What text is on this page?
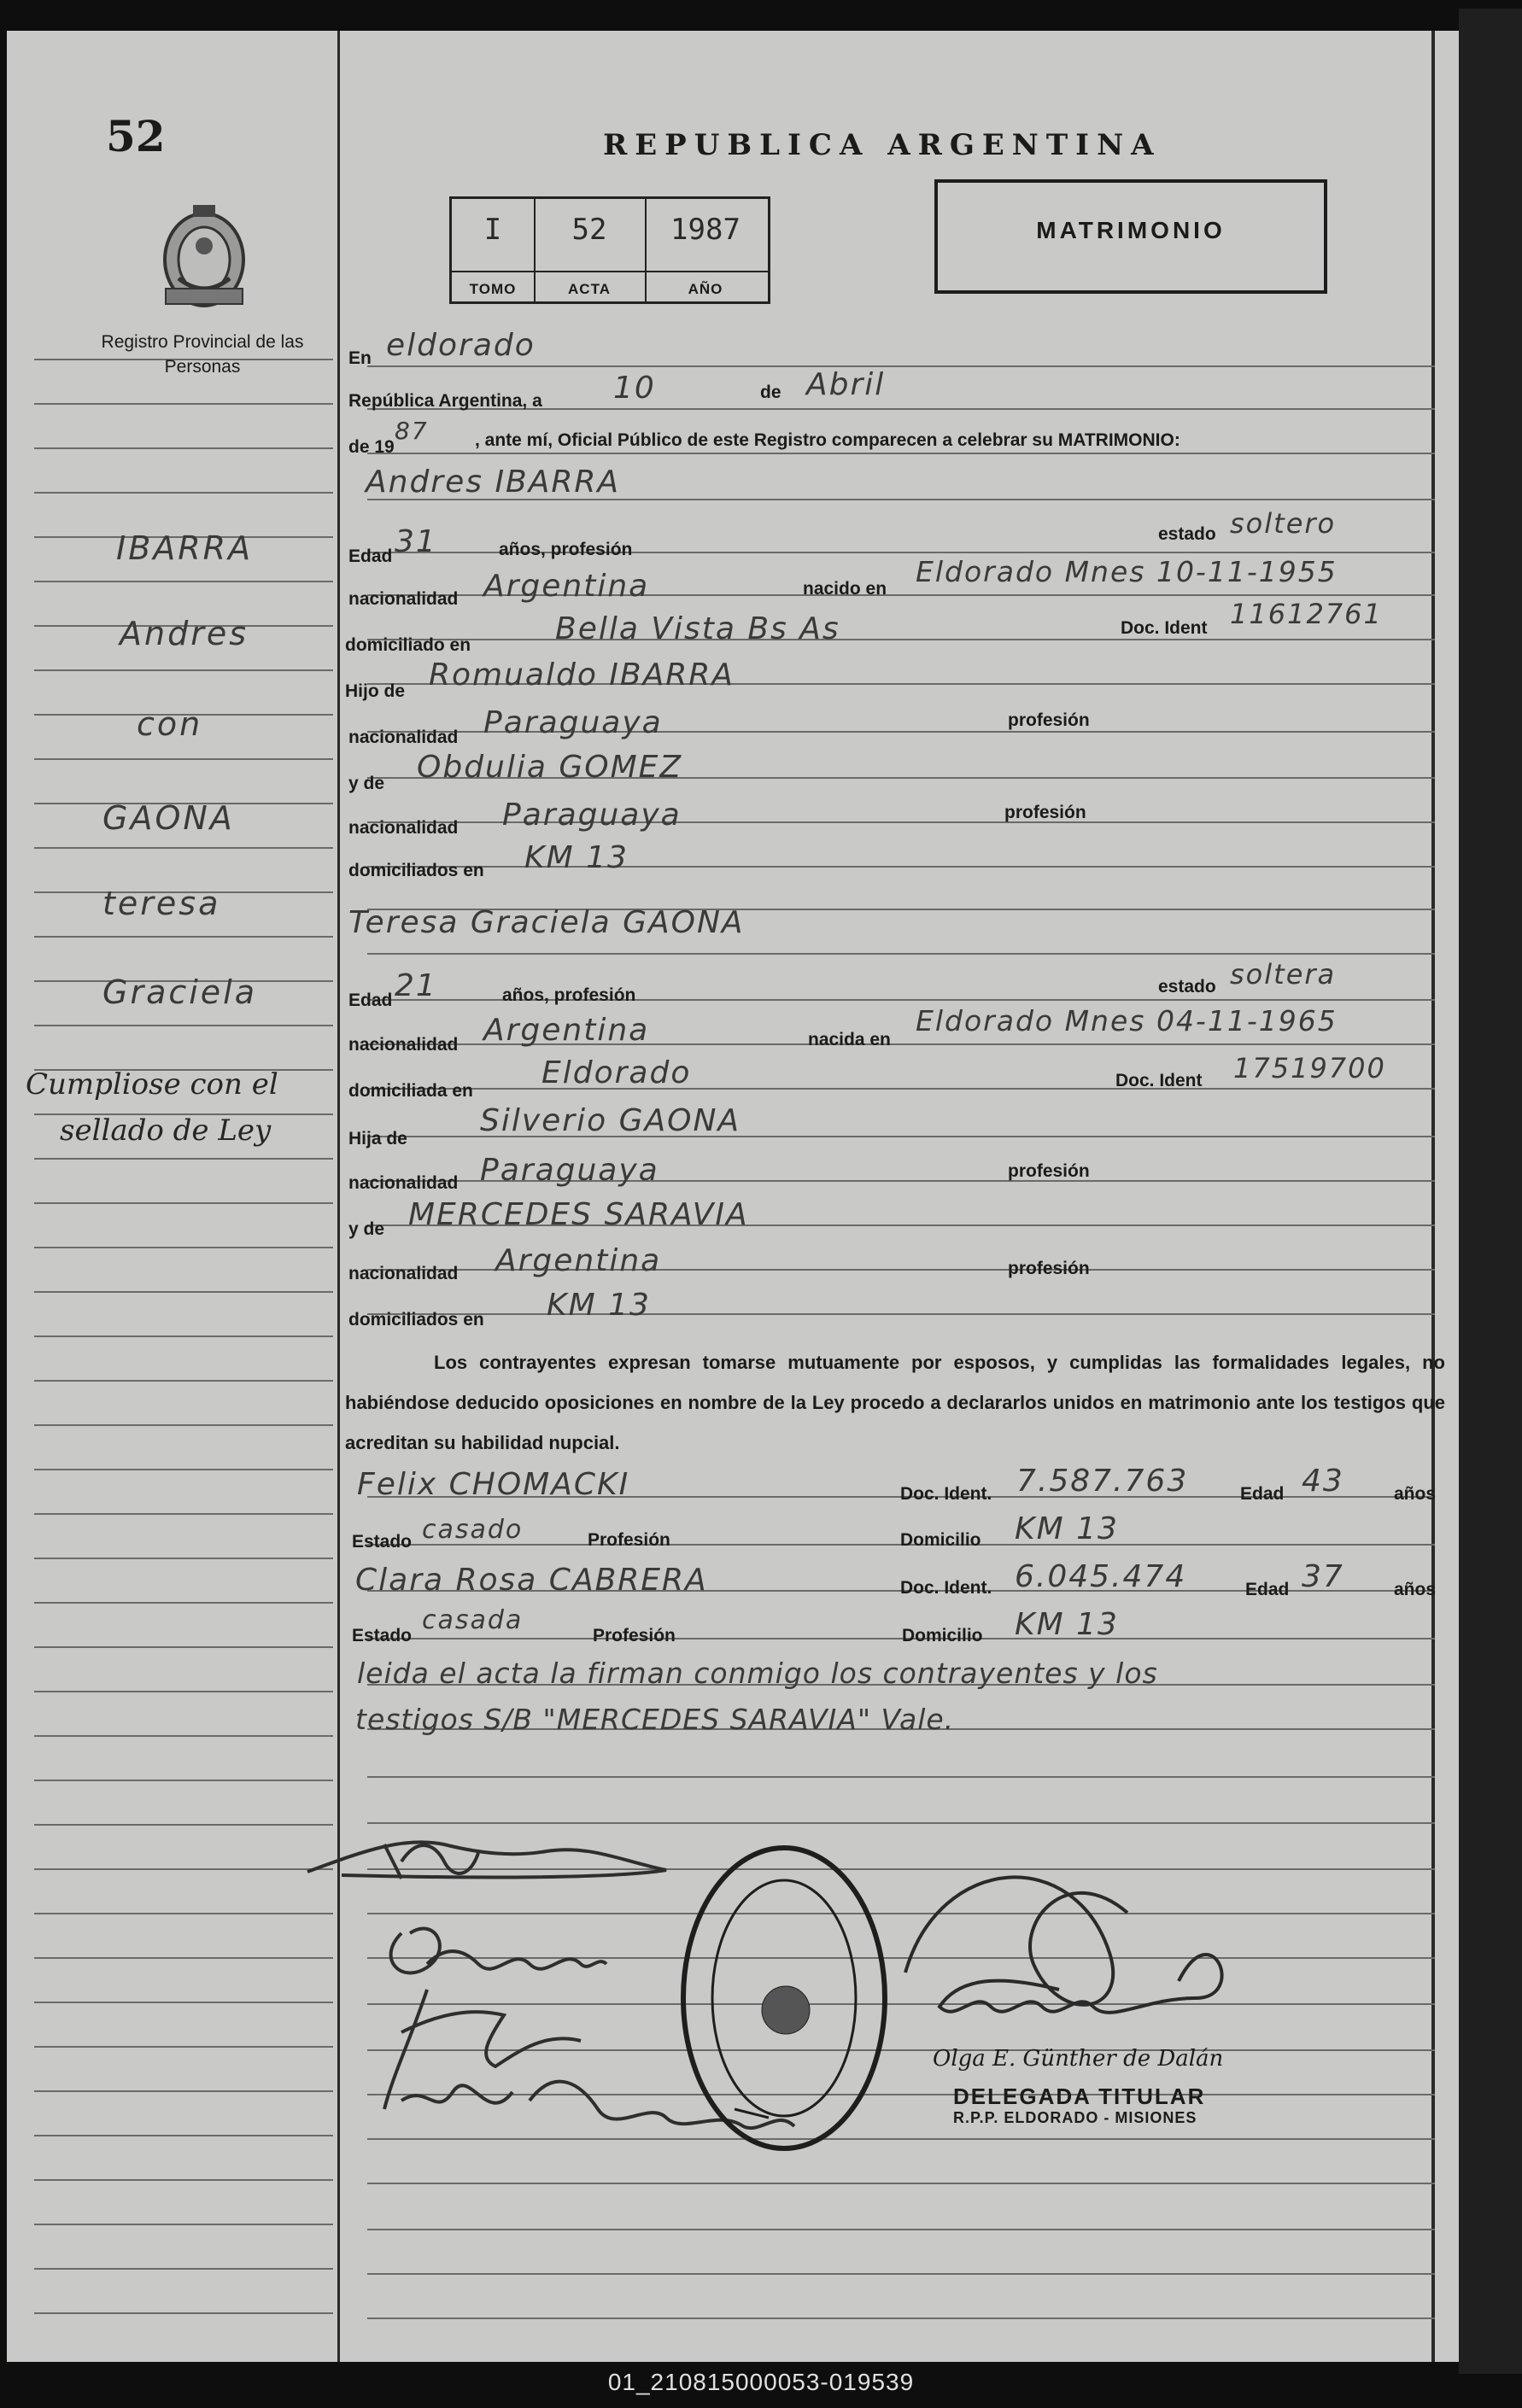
52
Registro Provincial de las Personas
REPUBLICA ARGENTINA
I
TOMO
52
ACTA
1987
AÑO
MATRIMONIO
IBARRA
Andres
con
GAONA
teresa
Graciela
Cumpliose con el
sellado de Ley
En eldorado
República Argentina, a 10	de Abril
de 19
87	, ante mí, Oficial Público de este Registro comparecen a celebrar su MATRIMONIO:
Andres IBARRA
Edad 31	años, profesión
estado soltero
nacionalidad Argentina	nacido en
Eldorado Mnes 10-11-1955
domiciliado en	Bella Vista Bs As	Doc. Ident 11612761
Hijo de Romualdo IBARRA
nacionalidad Paraguaya	profesión
y de Obdulia GOMEZ
nacionalidad Paraguaya	profesión
domiciliados en KM 13
Teresa Graciela GAONA
Edad 21	años, profesión	estado soltera
nacionalidad Argentina	nacida en
Eldorado Mnes 04-11-1965
domiciliada en
Eldorado	Doc. Ident 17519700
Hija de
Silverio GAONA
nacionalidad Paraguaya	profesión
y de MERCEDES SARAVIA
nacionalidad Argentina	profesión
domiciliados en KM 13
Los contrayentes expresan tomarse mutuamente por esposos, y cumplidas las formalidades legales, no habiéndose deducido oposiciones en nombre de la Ley procedo a declararlos unidos en matrimonio ante los testigos que acreditan su habilidad nupcial.
Felix CHOMACKI	Doc. Ident. 7.587.763	Edad 43	años
Estado casado	Profesión	Domicilio KM 13
Clara Rosa CABRERA	Doc. Ident. 6.045.474	Edad 37	años
Estado
casada
Profesión	Domicilio KM 13
leida el acta la firman conmigo los contrayentes y los
testigos S/B "MERCEDES SARAVIA" Vale.
Olga E. Günther de Dalán
DELEGADA TITULAR
R.P.P. ELDORADO - MISIONES
01_210815000053-019539
